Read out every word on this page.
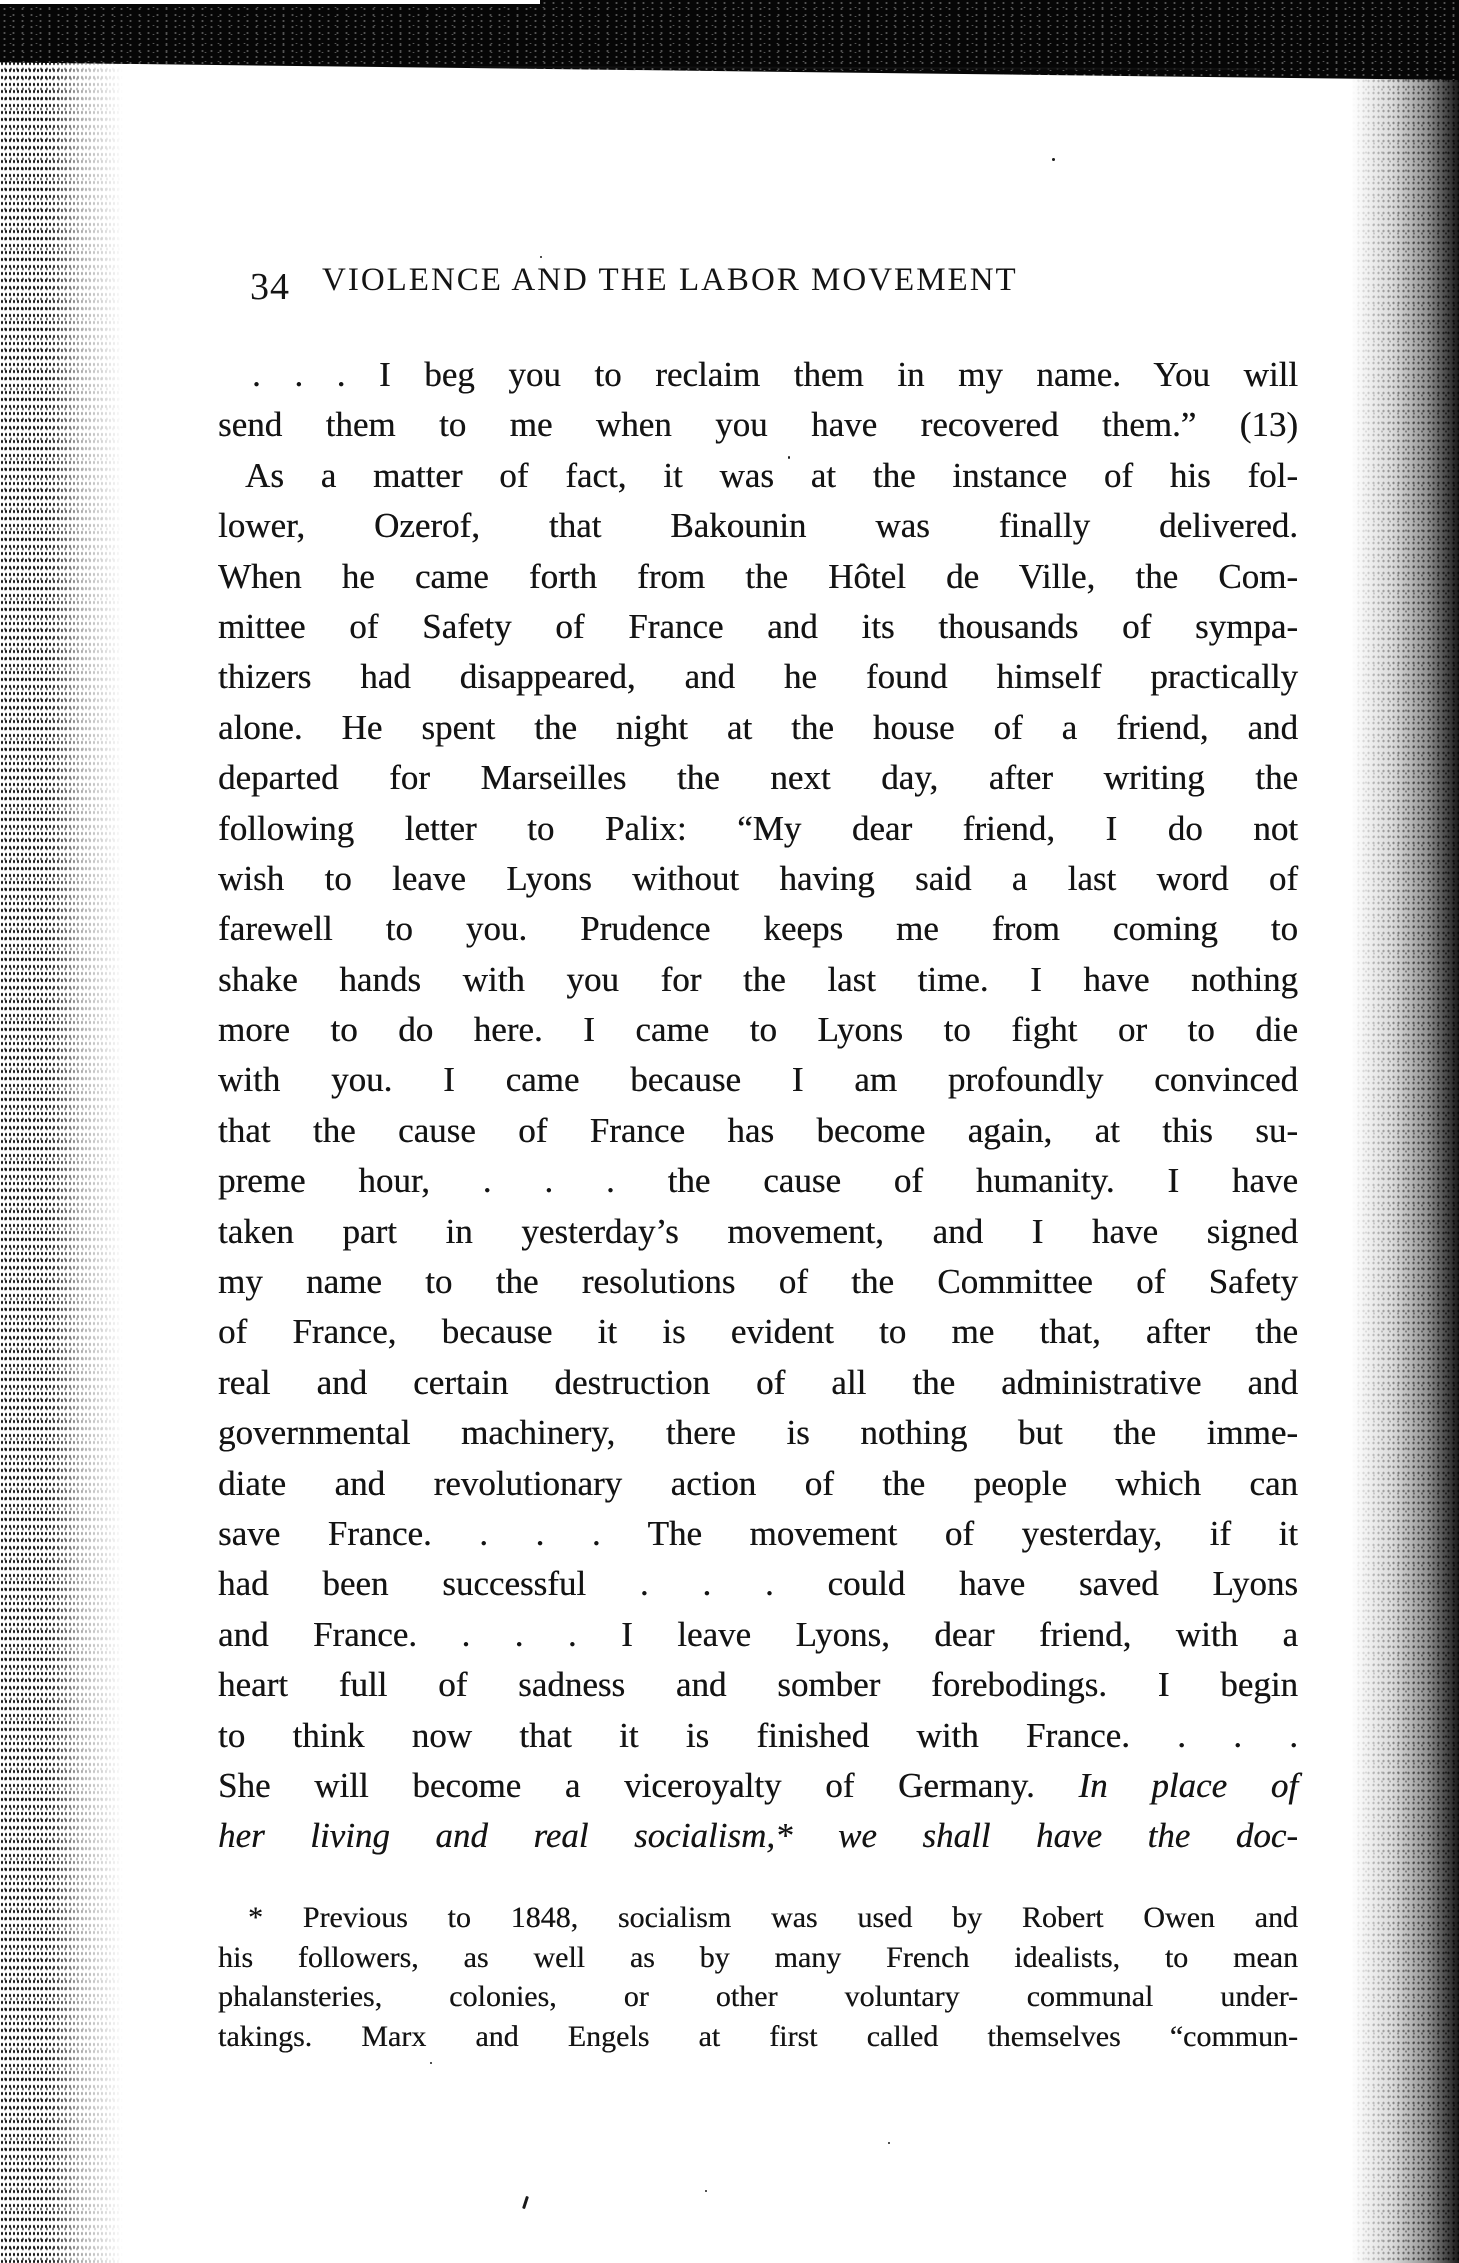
34 VIOLENCE AND THE LABOR MOVEMENT
. . . I beg you to reclaim them in my name. You will
send them to me when you have recovered them.” (13)
As a matter of fact, it was at the instance of his fol-
lower, Ozerof, that Bakounin was finally delivered.
When he came forth from the Hôtel de Ville, the Com-
mittee of Safety of France and its thousands of sympa-
thizers had disappeared, and he found himself practically
alone. He spent the night at the house of a friend, and
departed for Marseilles the next day, after writing the
following letter to Palix: “My dear friend, I do not
wish to leave Lyons without having said a last word of
farewell to you. Prudence keeps me from coming to
shake hands with you for the last time. I have nothing
more to do here. I came to Lyons to fight or to die
with you. I came because I am profoundly convinced
that the cause of France has become again, at this su-
preme hour, . . . the cause of humanity. I have
taken part in yesterday’s movement, and I have signed
my name to the resolutions of the Committee of Safety
of France, because it is evident to me that, after the
real and certain destruction of all the administrative and
governmental machinery, there is nothing but the imme-
diate and revolutionary action of the people which can
save France. . . . The movement of yesterday, if it
had been successful . . . could have saved Lyons
and France. . . . I leave Lyons, dear friend, with a
heart full of sadness and somber forebodings. I begin
to think now that it is finished with France. . . .
She will become a viceroyalty of Germany. In place of
her living and real socialism,* we shall have the doc-
* Previous to 1848, socialism was used by Robert Owen and
his followers, as well as by many French idealists, to mean
phalansteries, colonies, or other voluntary communal under-
takings. Marx and Engels at first called themselves “commun-
